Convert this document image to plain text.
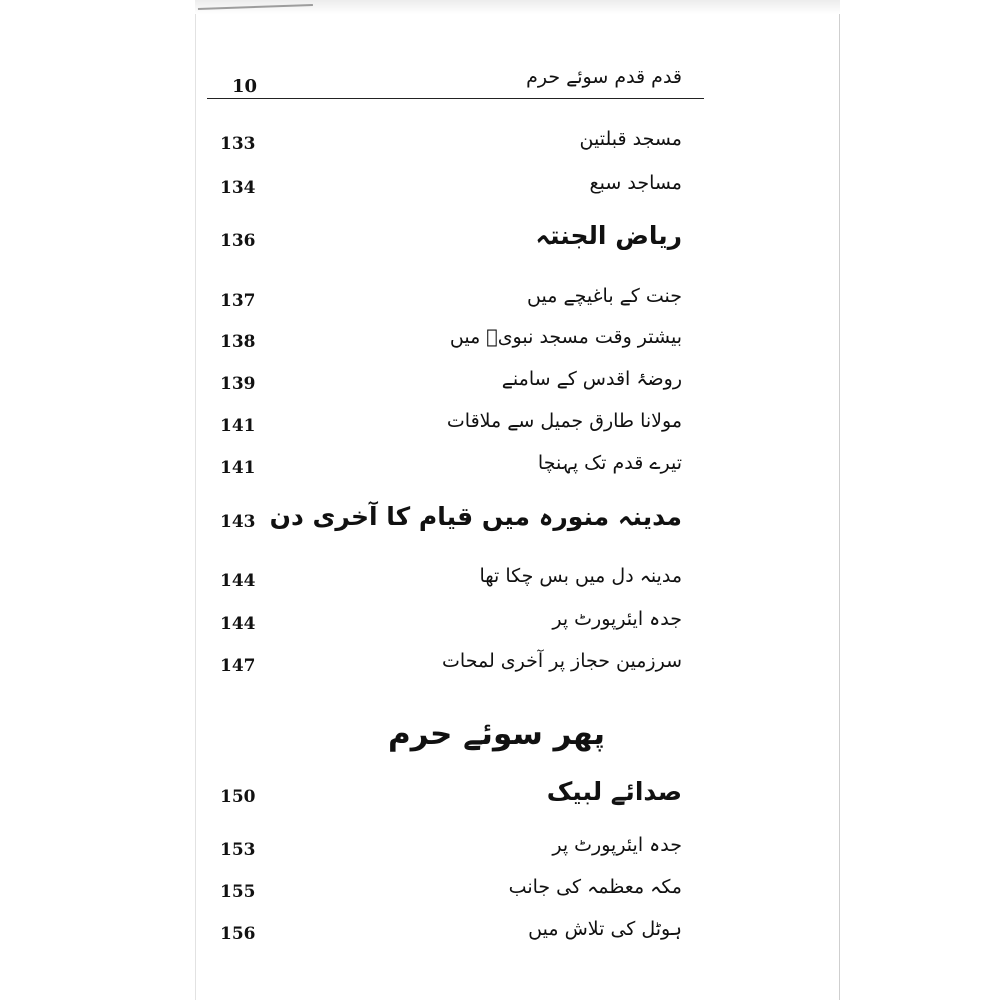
10	قدم قدم سوئے حرم
133	مسجد قبلتین
134	مساجد سبع
136	ریاض الجنتہ
137	جنت کے باغیچے میں
138	بیشتر وقت مسجد نبویؐ میں
139	روضۂ اقدس کے سامنے
141	مولانا طارق جمیل سے ملاقات
141	تیرے قدم تک پہنچا
143 مدینہ منورہ میں قیام کا آخری دن
144	مدینہ دل میں بس چکا تھا
144	جدہ ایئرپورٹ پر
147	سرزمین حجاز پر آخری لمحات
پھر سوئے حرم
150	صدائے لبیک
153	جدہ ایئرپورٹ پر
155	مکہ معظمہ کی جانب
156	ہوٹل کی تلاش میں
